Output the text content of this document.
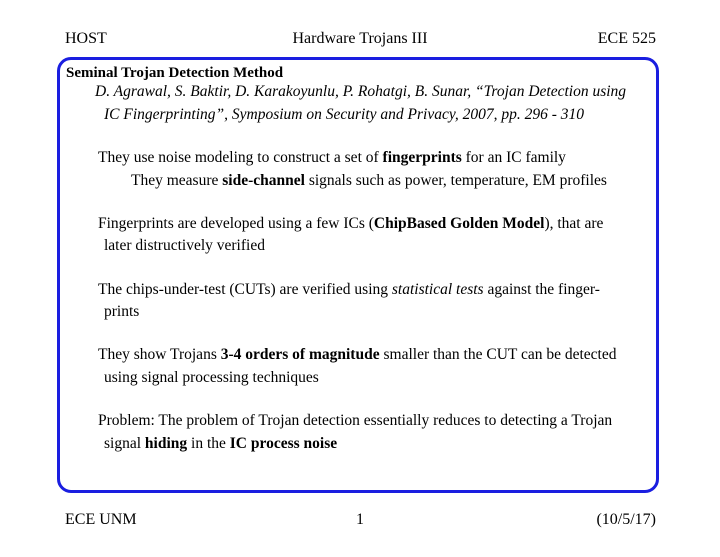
HOST	Hardware Trojans III	ECE 525
Seminal Trojan Detection Method
D. Agrawal, S. Baktir, D. Karakoyunlu, P. Rohatgi, B. Sunar, “Trojan Detection using
IC Fingerprinting”, Symposium on Security and Privacy, 2007, pp. 296 - 310
They use noise modeling to construct a set of fingerprints for an IC family
They measure side-channel signals such as power, temperature, EM profiles
Fingerprints are developed using a few ICs (ChipBased Golden Model), that are
later distructively verified
The chips-under-test (CUTs) are verified using statistical tests against the finger-
prints
They show Trojans 3-4 orders of magnitude smaller than the CUT can be detected
using signal processing techniques
Problem: The problem of Trojan detection essentially reduces to detecting a Trojan
signal hiding in the IC process noise
ECE UNM	1	(10/5/17)
